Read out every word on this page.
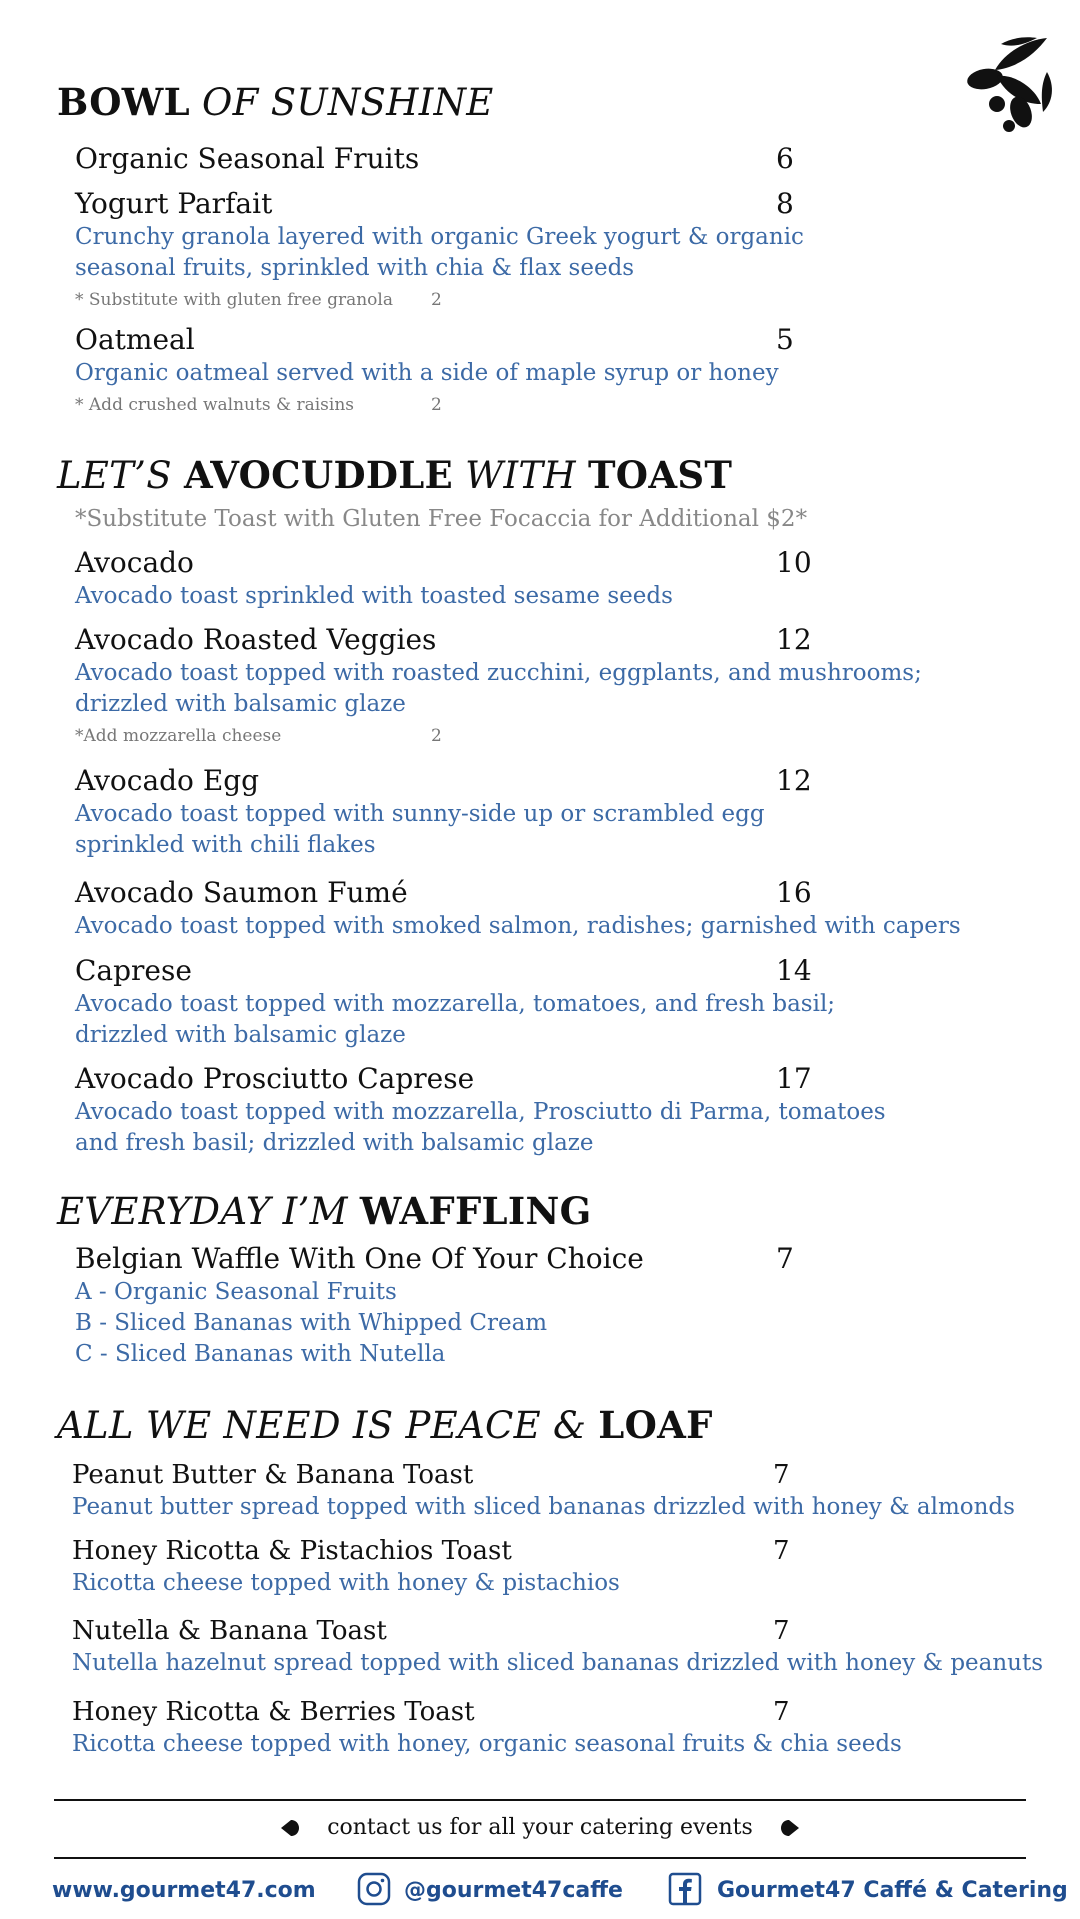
BOWL OF SUNSHINE
Organic Seasonal Fruits	6
Yogurt Parfait	8
Crunchy granola layered with organic Greek yogurt & organic
seasonal fruits, sprinkled with chia & flax seeds
* Substitute with gluten free granola 2
Oatmeal	5
Organic oatmeal served with a side of maple syrup or honey
* Add crushed walnuts & raisins	2
LET’S AVOCUDDLE WITH TOAST
*Substitute Toast with Gluten Free Focaccia for Additional $2*
Avocado	10
Avocado toast sprinkled with toasted sesame seeds
Avocado Roasted Veggies	12
Avocado toast topped with roasted zucchini, eggplants, and mushrooms;
drizzled with balsamic glaze
*Add mozzarella cheese	2
Avocado Egg	12
Avocado toast topped with sunny-side up or scrambled egg
sprinkled with chili flakes
Avocado Saumon Fumé	16
Avocado toast topped with smoked salmon, radishes; garnished with capers
Caprese	14
Avocado toast topped with mozzarella, tomatoes, and fresh basil;
drizzled with balsamic glaze
Avocado Prosciutto Caprese	17
Avocado toast topped with mozzarella, Prosciutto di Parma, tomatoes
and fresh basil; drizzled with balsamic glaze
EVERYDAY I’M WAFFLING
Belgian Waffle With One Of Your Choice	7
A - Organic Seasonal Fruits
B - Sliced Bananas with Whipped Cream
C - Sliced Bananas with Nutella
ALL WE NEED IS PEACE & LOAF
Peanut Butter & Banana Toast	7
Peanut butter spread topped with sliced bananas drizzled with honey & almonds
Honey Ricotta & Pistachios Toast	7
Ricotta cheese topped with honey & pistachios
Nutella & Banana Toast	7
Nutella hazelnut spread topped with sliced bananas drizzled with honey & peanuts
Honey Ricotta & Berries Toast	7
Ricotta cheese topped with honey, organic seasonal fruits & chia seeds
contact us for all your catering events
www.gourmet47.com	@gourmet47caffe	Gourmet47 Caffé & Catering
